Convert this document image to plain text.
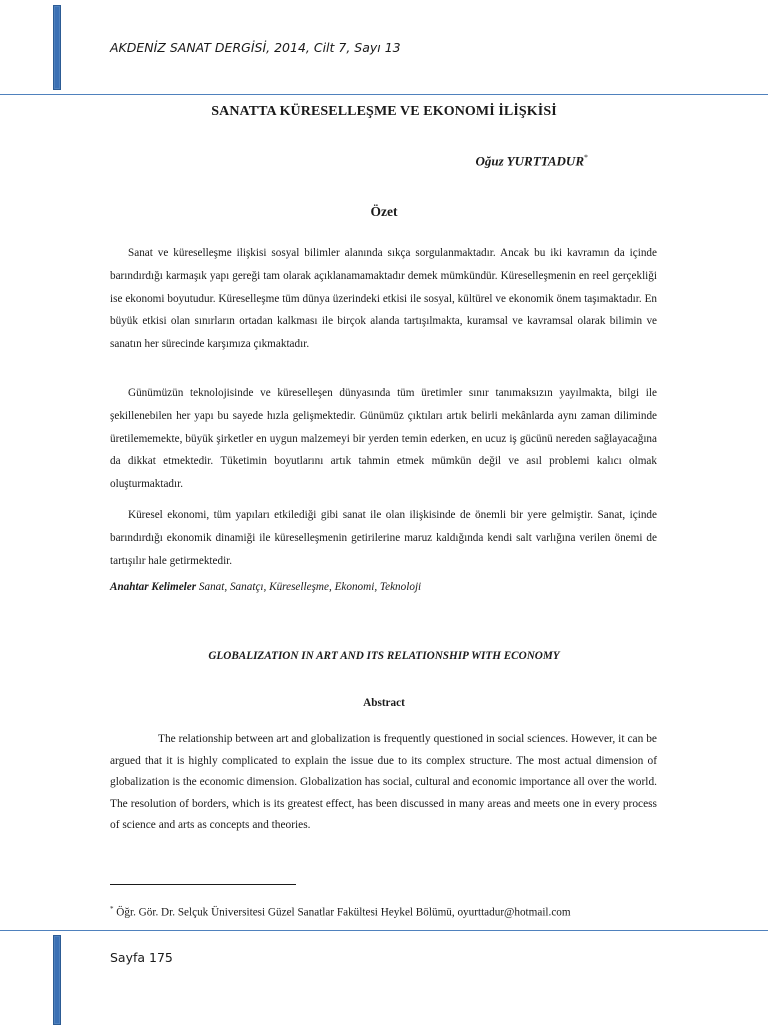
AKDENİZ SANAT DERGİSİ, 2014, Cilt 7, Sayı 13
SANATTA KÜRESELLEŞME VE EKONOMİ İLİŞKİSİ
Oğuz YURTTADUR*
Özet
Sanat ve küreselleşme ilişkisi sosyal bilimler alanında sıkça sorgulanmaktadır. Ancak bu iki kavramın da içinde barındırdığı karmaşık yapı gereği tam olarak açıklanamamaktadır demek mümkündür. Küreselleşmenin en reel gerçekliği ise ekonomi boyutudur. Küreselleşme tüm dünya üzerindeki etkisi ile sosyal, kültürel ve ekonomik önem taşımaktadır. En büyük etkisi olan sınırların ortadan kalkması ile birçok alanda tartışılmakta, kuramsal ve kavramsal olarak bilimin ve sanatın her sürecinde karşımıza çıkmaktadır.
Günümüzün teknolojisinde ve küreselleşen dünyasında tüm üretimler sınır tanımaksızın yayılmakta, bilgi ile şekillenebilen her yapı bu sayede hızla gelişmektedir. Günümüz çıktıları artık belirli mekânlarda aynı zaman diliminde üretilememekte, büyük şirketler en uygun malzemeyi bir yerden temin ederken, en ucuz iş gücünü nereden sağlayacağına da dikkat etmektedir. Tüketimin boyutlarını artık tahmin etmek mümkün değil ve asıl problemi kalıcı olmak oluşturmaktadır.
Küresel ekonomi, tüm yapıları etkilediği gibi sanat ile olan ilişkisinde de önemli bir yere gelmiştir. Sanat, içinde barındırdığı ekonomik dinamiği ile küreselleşmenin getirilerine maruz kaldığında kendi salt varlığına verilen önemi de tartışılır hale getirmektedir.
Anahtar Kelimeler Sanat, Sanatçı, Küreselleşme, Ekonomi, Teknoloji
GLOBALIZATION IN ART AND ITS RELATIONSHIP WITH ECONOMY
Abstract
The relationship between art and globalization is frequently questioned in social sciences. However, it can be argued that it is highly complicated to explain the issue due to its complex structure. The most actual dimension of globalization is the economic dimension. Globalization has social, cultural and economic importance all over the world. The resolution of borders, which is its greatest effect, has been discussed in many areas and meets one in every process of science and arts as concepts and theories.
* Öğr. Gör. Dr. Selçuk Üniversitesi Güzel Sanatlar Fakültesi Heykel Bölümü, oyurttadur@hotmail.com
Sayfa 175
